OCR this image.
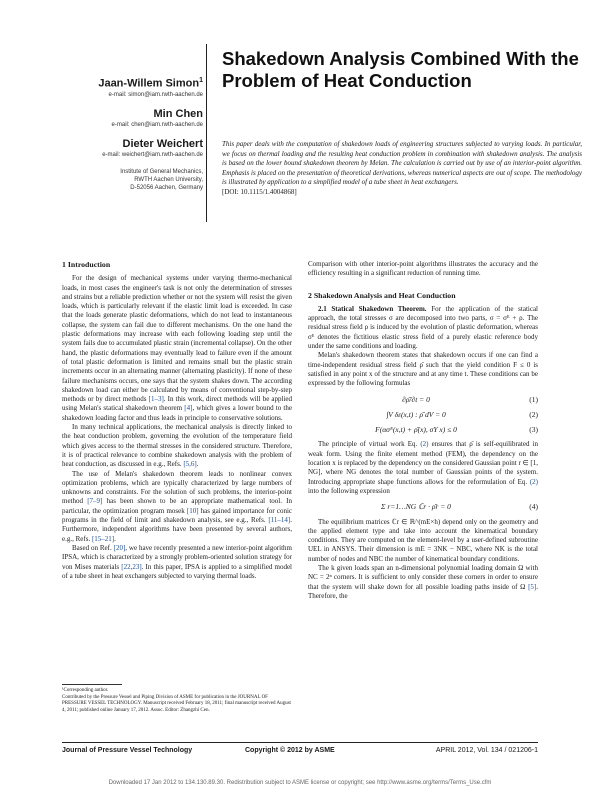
Jaan-Willem Simon$^1$
e-mail: simon@iam.rwth-aachen.de
Min Chen
e-mail: chen@iam.rwth-aachen.de
Dieter Weichert
e-mail: weichert@iam.rwth-aachen.de
Institute of General Mechanics,
RWTH Aachen University,
D-52056 Aachen, Germany
Shakedown Analysis Combined With the Problem of Heat Conduction
This paper deals with the computation of shakedown loads of engineering structures subjected to varying loads. In particular, we focus on thermal loading and the resulting heat conduction problem in combination with shakedown analysis. The analysis is based on the lower bound shakedown theorem by Melan. The calculation is carried out by use of an interior-point algorithm. Emphasis is placed on the presentation of theoretical derivations, whereas numerical aspects are out of scope. The methodology is illustrated by application to a simplified model of a tube sheet in heat exchangers.
[DOI: 10.1115/1.4004868]
1 Introduction

For the design of mechanical systems under varying thermo-mechanical loads, in most cases the engineer's task is not only the determination of stresses and strains but a reliable prediction whether or not the system will resist the given loads, which is particularly relevant if the elastic limit load is exceeded. In case that the loads generate plastic deformations, which do not lead to instantaneous collapse, the system can fail due to different mechanisms. On the one hand the plastic deformations may increase with each following loading step until the system fails due to accumulated plastic strain (incremental collapse). On the other hand, the plastic deformations may eventually lead to failure even if the amount of total plastic deformation is limited and remains small but the plastic strain increments occur in an alternating manner (alternating plasticity). If none of these failure mechanisms occurs, one says that the system shakes down. The according shakedown load can either be calculated by means of conventional step-by-step methods or by direct methods [1–3]. In this work, direct methods will be applied using Melan's statical shakedown theorem [4], which gives a lower bound to the shakedown loading factor and thus leads in principle to conservative solutions.

In many technical applications, the mechanical analysis is directly linked to the heat conduction problem, governing the evolution of the temperature field which gives access to the thermal stresses in the considered structure. Therefore, it is of practical relevance to combine shakedown analysis with the problem of heat conduction, as discussed in e.g., Refs. [5,6].

The use of Melan's shakedown theorem leads to nonlinear convex optimization problems, which are typically characterized by large numbers of unknowns and constraints. For the solution of such problems, the interior-point method [7–9] has been shown to be an appropriate mathematical tool. In particular, the optimization program mosek [10] has gained importance for conic programs in the field of limit and shakedown analysis, see e.g., Refs. [11–14]. Furthermore, independent algorithms have been presented by several authors, e.g., Refs. [15–21].

Based on Ref. [20], we have recently presented a new interior-point algorithm IPSA, which is characterized by a strongly problem-oriented solution strategy for von Mises materials [22,23]. In this paper, IPSA is applied to a simplified model of a tube sheet in heat exchangers subjected to varying thermal loads.

¹Corresponding author.
Contributed by the Pressure Vessel and Piping Division of ASME for publication in the JOURNAL OF PRESSURE VESSEL TECHNOLOGY. Manuscript received February 18, 2011; final manuscript received August 4, 2011; published online January 17, 2012. Assoc. Editor: Zhangzhi Cen.

Comparison with other interior-point algorithms illustrates the accuracy and the efficiency resulting in a significant reduction of running time.

2 Shakedown Analysis and Heat Conduction

2.1 Statical Shakedown Theorem. For the application of the statical approach, the total stresses σ are decomposed into two parts, σ = σᴱ + ρ. The residual stress field ρ is induced by the evolution of plastic deformation, whereas σᴱ denotes the fictitious elastic stress field of a purely elastic reference body under the same conditions and loading.

Melan's shakedown theorem states that shakedown occurs if one can find a time-independent residual stress field ρ̄ such that the yield condition F ≤ 0 is satisfied in any point x of the structure and at any time t. These conditions can be expressed by the following formulas

∂ρ̄/∂t = 0	(1)
∫V δε(x,t) : ρ̄ dV = 0	(2)
F(ασᴱ(x,t) + ρ̄(x), σY x) ≤ 0	(3)

The principle of virtual work Eq. (2) ensures that ρ̄ is self-equilibrated in weak form. Using the finite element method (FEM), the dependency on the location x is replaced by the dependency on the considered Gaussian point r ∈ [1, NG], where NG denotes the total number of Gaussian points of the system. Introducing appropriate shape functions allows for the reformulation of Eq. (2) into the following expression

Σ r=1…NG ℂr · ρ̄r = 0	(4)

The equilibrium matrices ℂr ∈ ℝ^(mE×h) depend only on the geometry and the applied element type and take into account the kinematical boundary conditions. They are computed on the element-level by a user-defined subroutine UEL in ANSYS. Their dimension is mE = 3NK − NBC, where NK is the total number of nodes and NBC the number of kinematical boundary conditions.

The k given loads span an n-dimensional polynomial loading domain Ω with NC = 2ⁿ corners. It is sufficient to only consider these corners in order to ensure that the system will shake down for all possible loading paths inside of Ω [5]. Therefore, the

Journal of Pressure Vessel Technology	Copyright © 2012 by ASME	APRIL 2012, Vol. 134 / 021206-1
Downloaded 17 Jan 2012 to 134.130.89.30. Redistribution subject to ASME license or copyright; see http://www.asme.org/terms/Terms_Use.cfm
